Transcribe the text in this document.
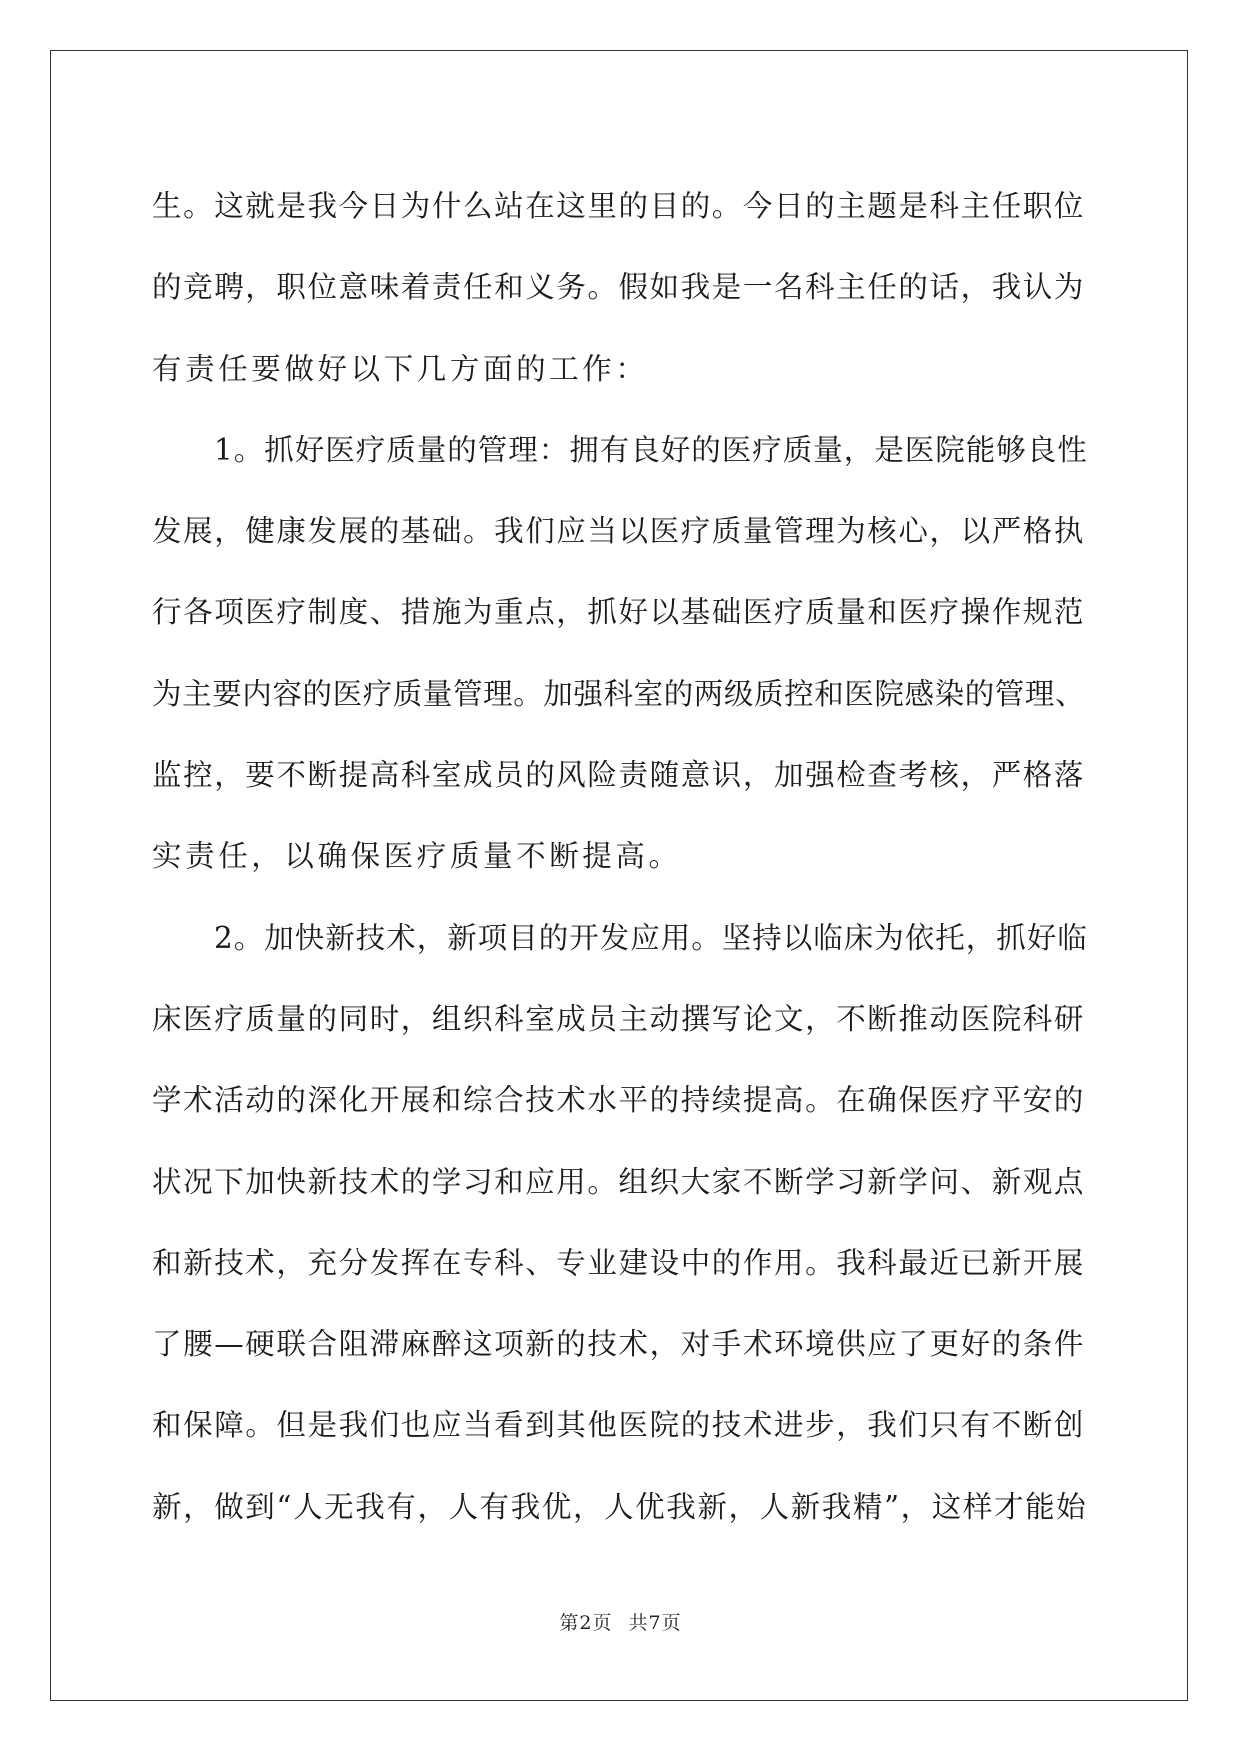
生。这就是我今日为什么站在这里的目的。今日的主题是科主任职位
的竞聘，职位意味着责任和义务。假如我是一名科主任的话，我认为
有责任要做好以下几方面的工作：
1。抓好医疗质量的管理：拥有良好的医疗质量，是医院能够良性
发展，健康发展的基础。我们应当以医疗质量管理为核心，以严格执
行各项医疗制度、措施为重点，抓好以基础医疗质量和医疗操作规范
为主要内容的医疗质量管理。加强科室的两级质控和医院感染的管理、
监控，要不断提高科室成员的风险责随意识，加强检查考核，严格落
实责任，以确保医疗质量不断提高。
2。加快新技术，新项目的开发应用。坚持以临床为依托，抓好临
床医疗质量的同时，组织科室成员主动撰写论文，不断推动医院科研
学术活动的深化开展和综合技术水平的持续提高。在确保医疗平安的
状况下加快新技术的学习和应用。组织大家不断学习新学问、新观点
和新技术，充分发挥在专科、专业建设中的作用。我科最近已新开展
了腰—硬联合阻滞麻醉这项新的技术，对手术环境供应了更好的条件
和保障。但是我们也应当看到其他医院的技术进步，我们只有不断创
新，做到“人无我有，人有我优，人优我新，人新我精”，这样才能始
第2页 共7页
